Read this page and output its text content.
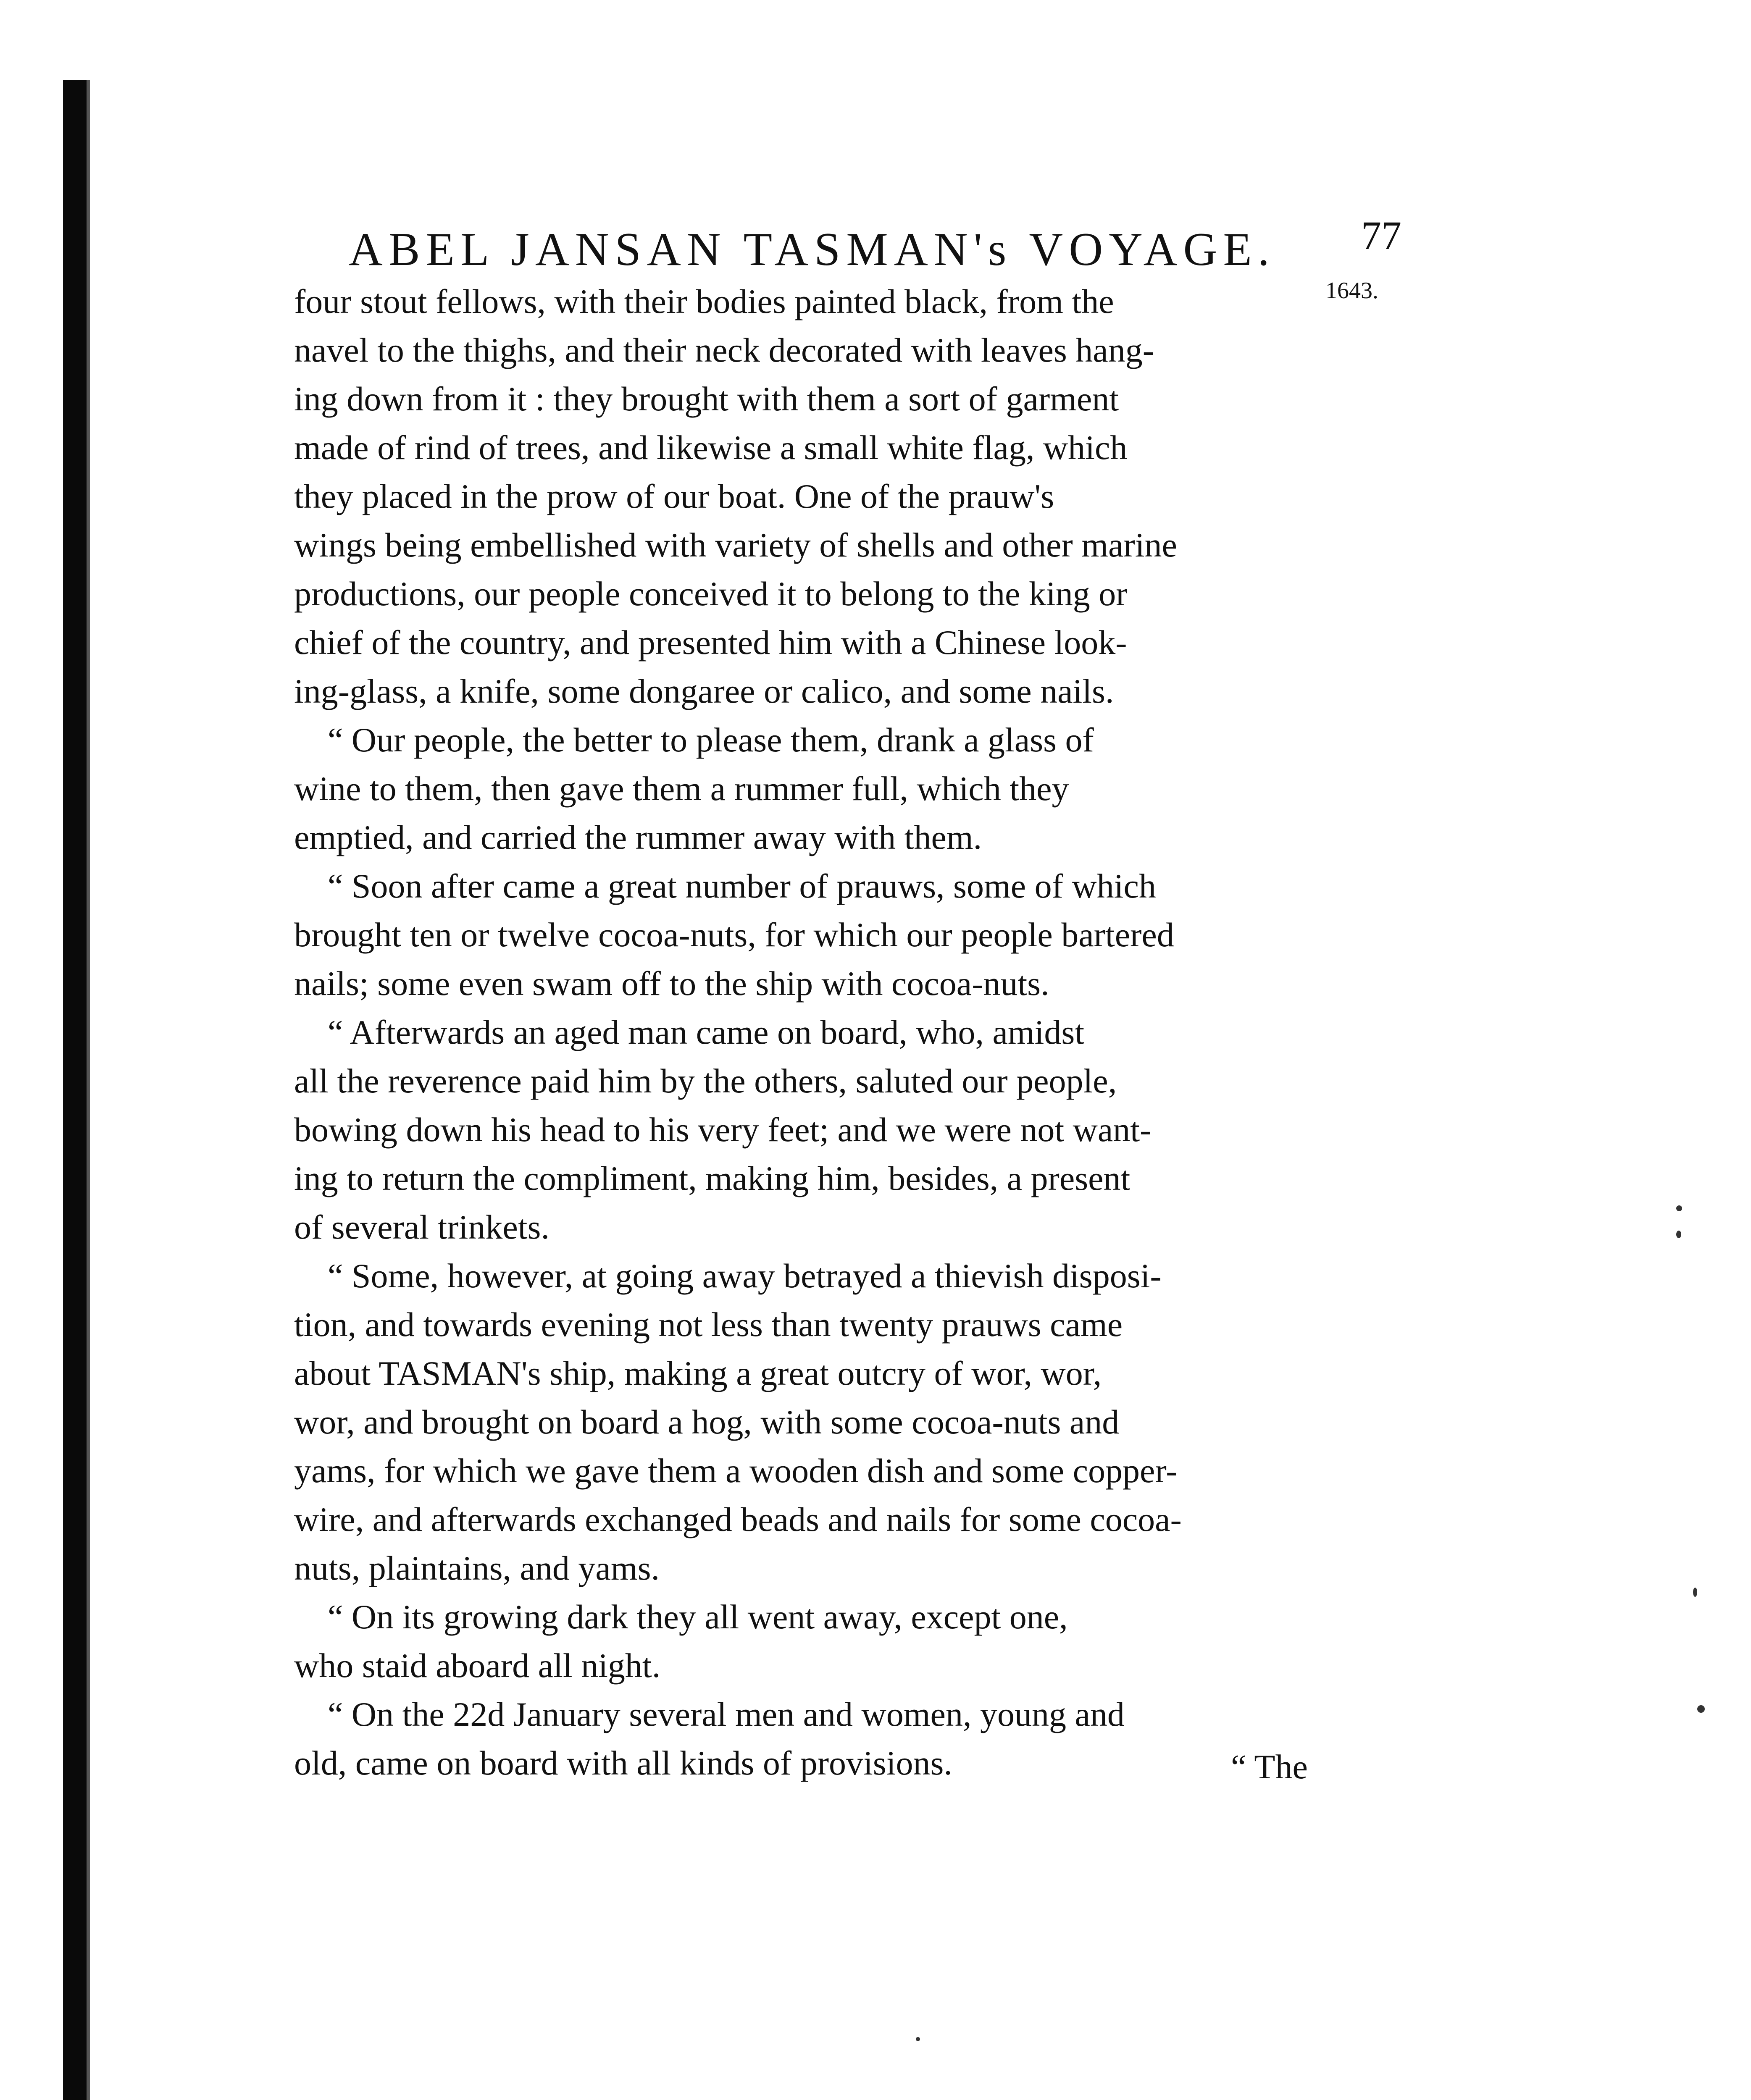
ABEL JANSAN TASMAN's VOYAGE. 77
1643.
four stout fellows, with their bodies painted black, from the
navel to the thighs, and their neck decorated with leaves hang-
ing down from it : they brought with them a sort of garment
made of rind of trees, and likewise a small white flag, which
they placed in the prow of our boat. One of the prauw's
wings being embellished with variety of shells and other marine
productions, our people conceived it to belong to the king or
chief of the country, and presented him with a Chinese look-
ing-glass, a knife, some dongaree or calico, and some nails.
“ Our people, the better to please them, drank a glass of
wine to them, then gave them a rummer full, which they
emptied, and carried the rummer away with them.
“ Soon after came a great number of prauws, some of which
brought ten or twelve cocoa-nuts, for which our people bartered
nails; some even swam off to the ship with cocoa-nuts.
“ Afterwards an aged man came on board, who, amidst
all the reverence paid him by the others, saluted our people,
bowing down his head to his very feet; and we were not want-
ing to return the compliment, making him, besides, a present
of several trinkets.
“ Some, however, at going away betrayed a thievish disposi-
tion, and towards evening not less than twenty prauws came
about TASMAN's ship, making a great outcry of wor, wor,
wor, and brought on board a hog, with some cocoa-nuts and
yams, for which we gave them a wooden dish and some copper-
wire, and afterwards exchanged beads and nails for some cocoa-
nuts, plaintains, and yams.
“ On its growing dark they all went away, except one,
who staid aboard all night.
“ On the 22d January several men and women, young and
old, came on board with all kinds of provisions.	“ The
